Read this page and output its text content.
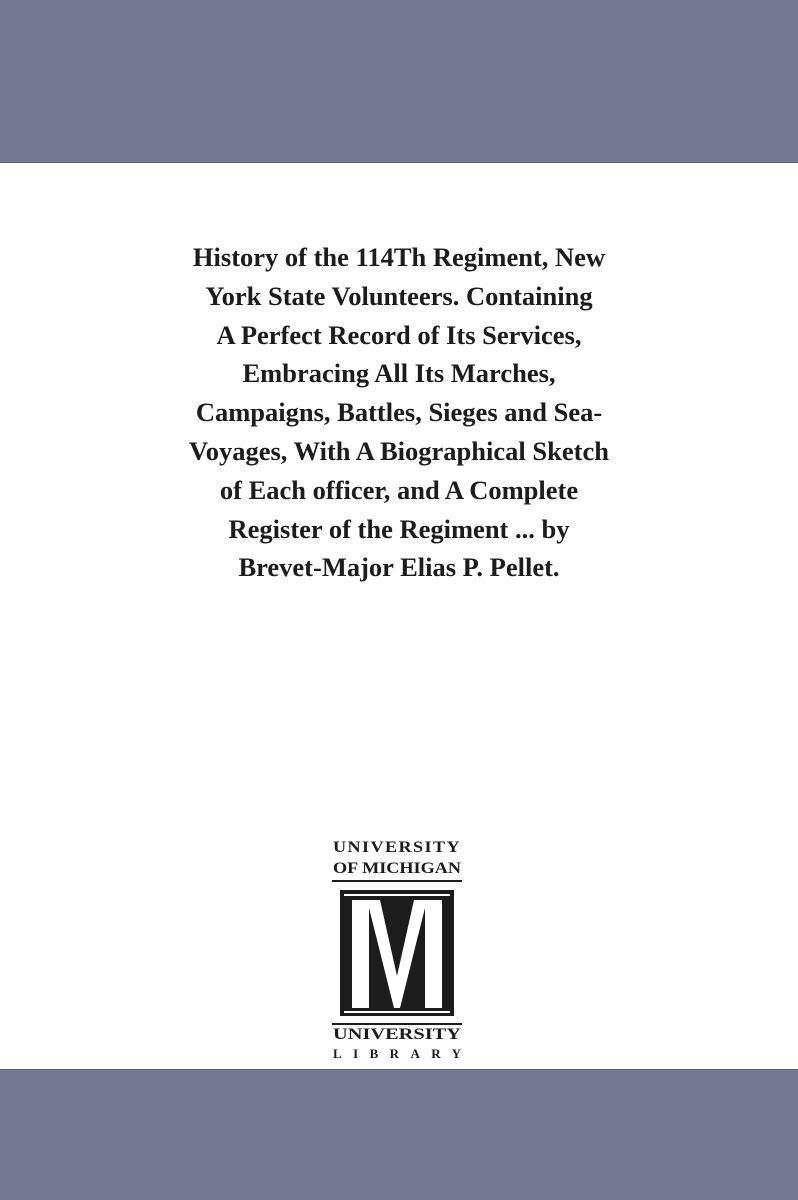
History of the 114Th Regiment, New
York State Volunteers. Containing
A Perfect Record of Its Services,
Embracing All Its Marches,
Campaigns, Battles, Sieges and Sea-
Voyages, With A Biographical Sketch
of Each officer, and A Complete
Register of the Regiment ... by
Brevet-Major Elias P. Pellet.
UNIVERSITY
OF MICHIGAN
UNIVERSITY
LIBRARY
